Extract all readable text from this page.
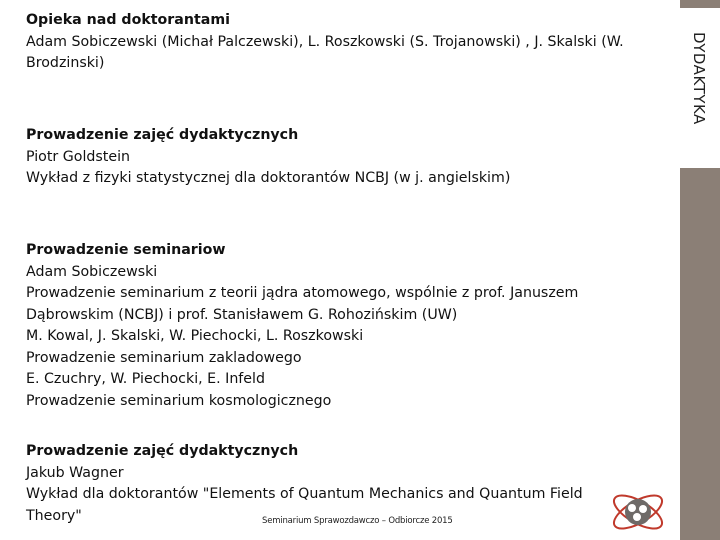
DYDAKTYKA
Opieka nad doktorantami
Adam Sobiczewski (Michał Palczewski), L. Roszkowski (S. Trojanowski) , J. Skalski (W.
Brodzinski)
Prowadzenie zajęć dydaktycznych
Piotr Goldstein
Wykład z fizyki statystycznej dla doktorantów NCBJ (w j. angielskim)
Prowadzenie seminariow
Adam Sobiczewski
Prowadzenie seminarium z teorii jądra atomowego, wspólnie z prof. Januszem
Dąbrowskim (NCBJ) i prof. Stanisławem G. Rohozińskim (UW)
M. Kowal, J. Skalski, W. Piechocki, L. Roszkowski
Prowadzenie seminarium zakladowego
E. Czuchry, W. Piechocki, E. Infeld
Prowadzenie seminarium kosmologicznego
Prowadzenie zajęć dydaktycznych
Jakub Wagner
Wykład dla doktorantów "Elements of Quantum Mechanics and Quantum Field
Theory"	Seminarium Sprawozdawczo – Odbiorcze 2015
